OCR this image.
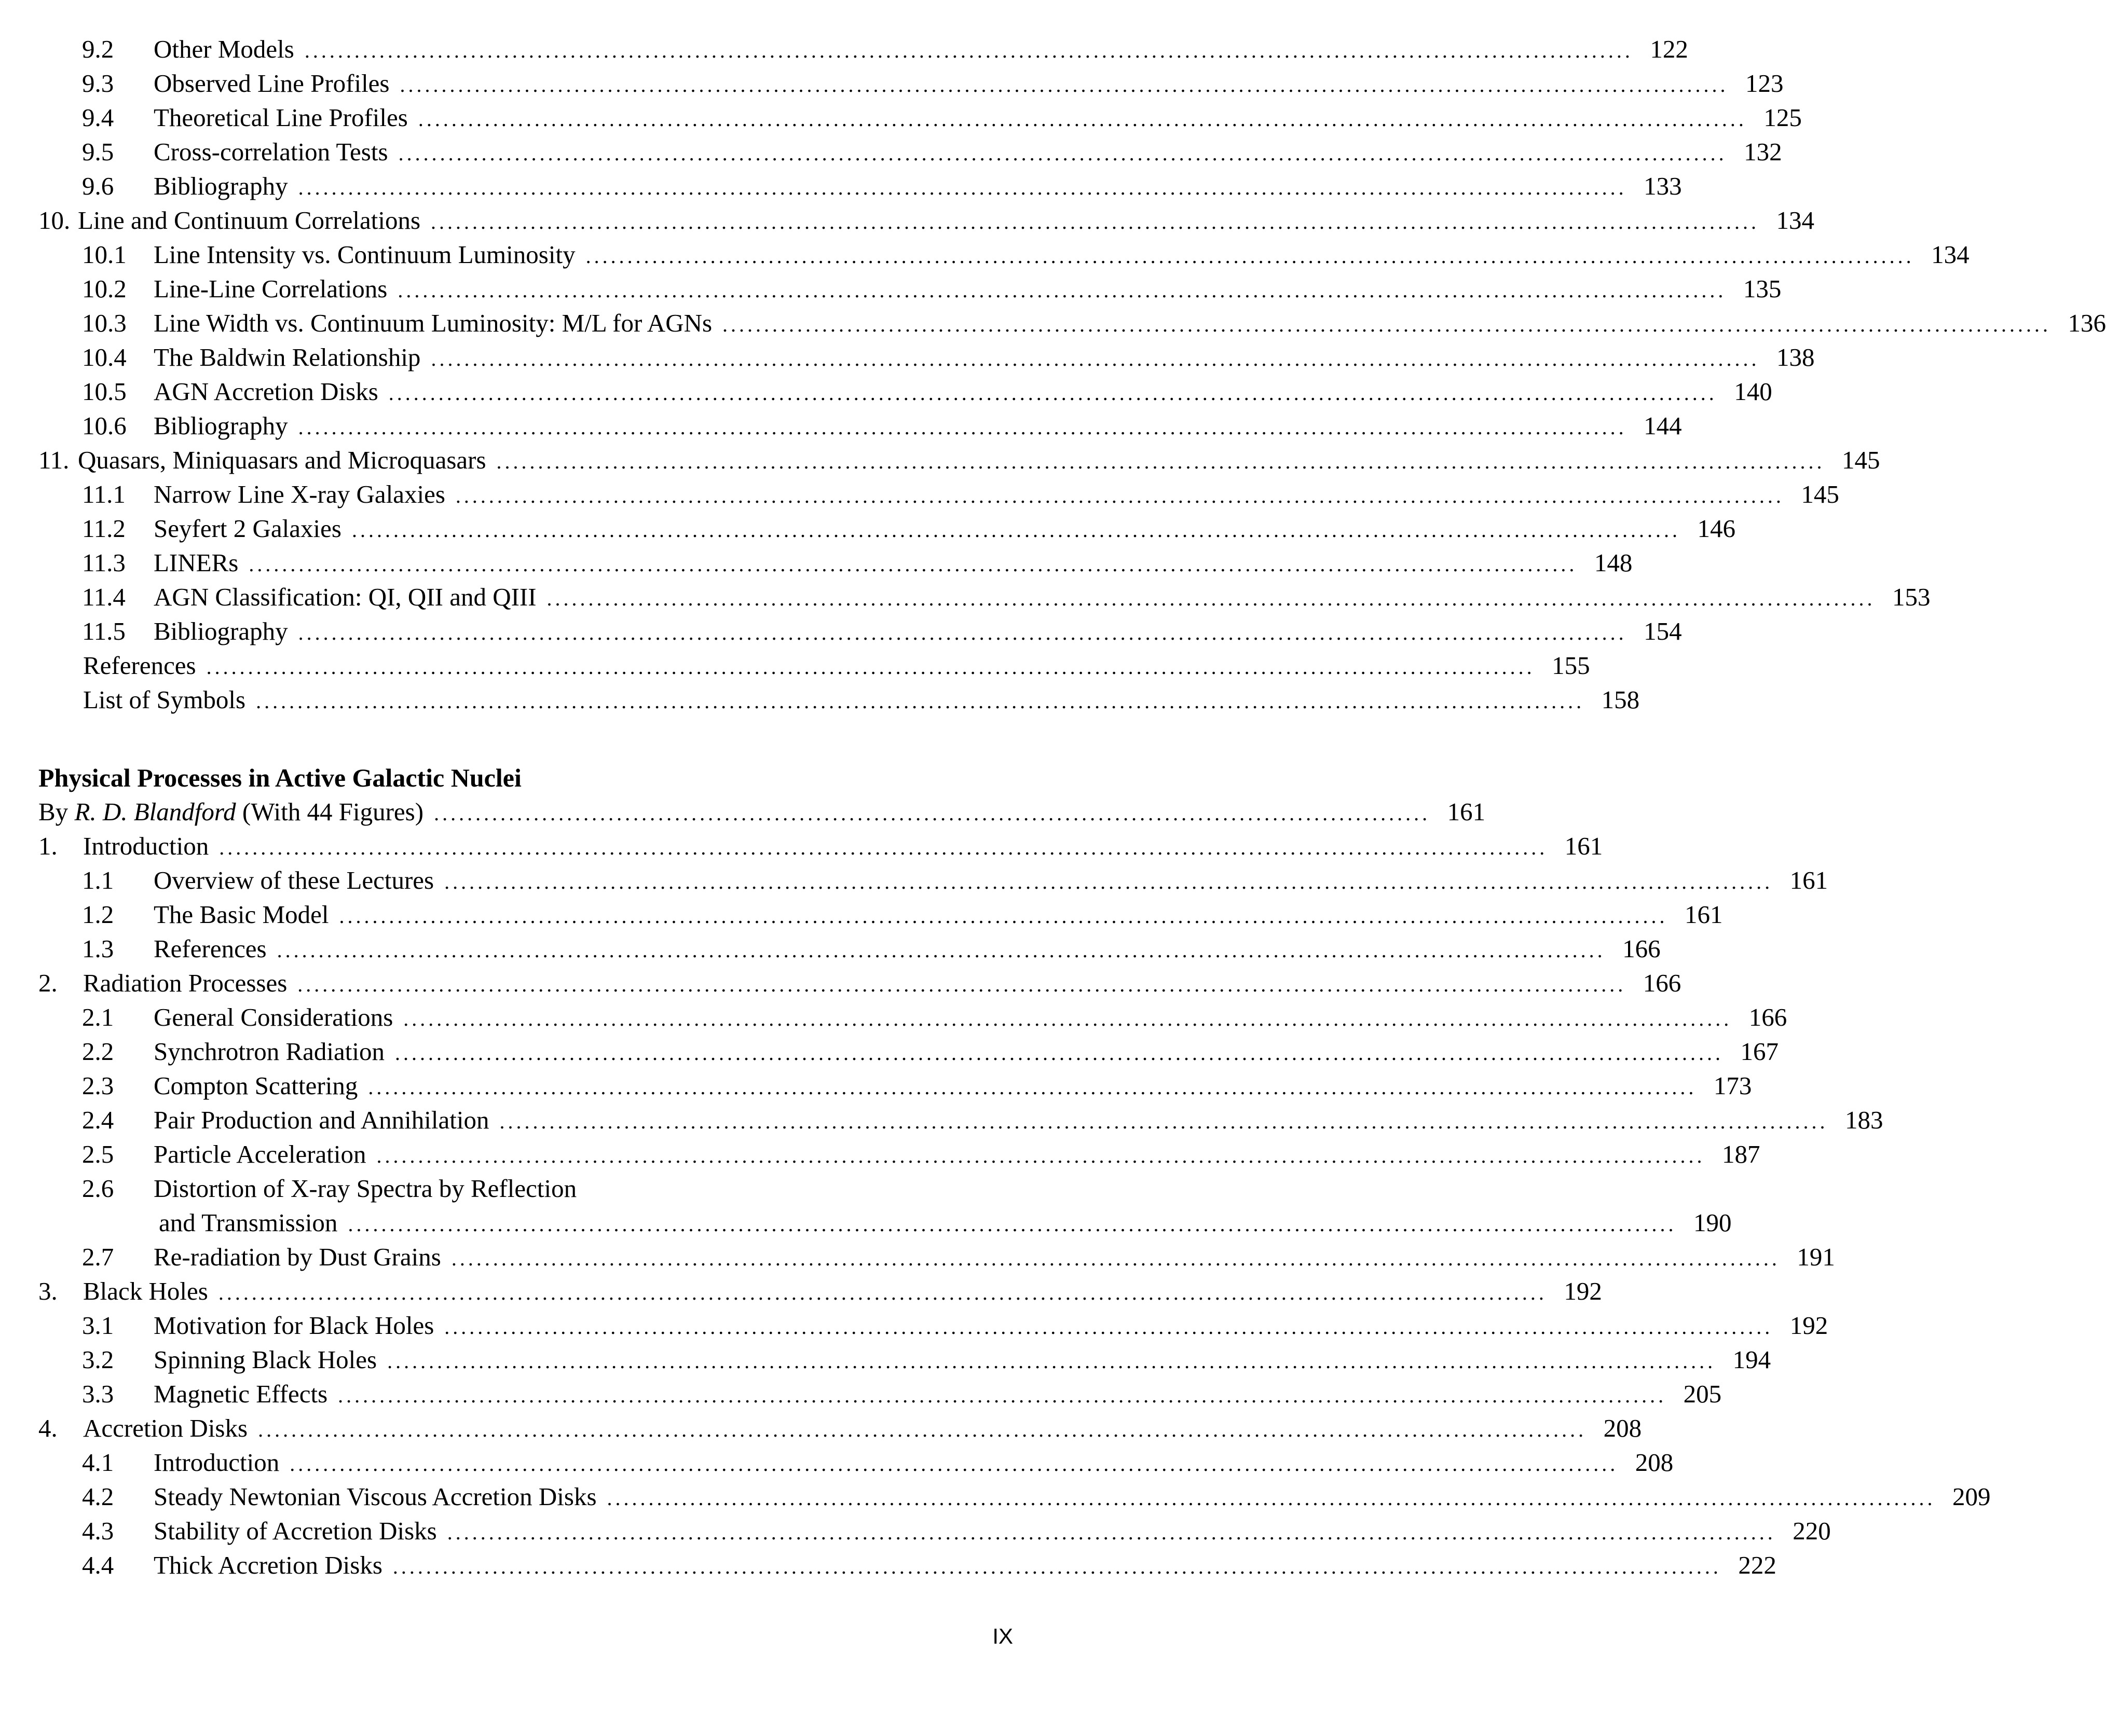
9.2 Other Models ................................................................................................................................................................ 122
9.3 Observed Line Profiles ................................................................................................................................................................ 123
9.4 Theoretical Line Profiles ................................................................................................................................................................ 125
9.5 Cross-correlation Tests ................................................................................................................................................................ 132
9.6 Bibliography ................................................................................................................................................................ 133
10. Line and Continuum Correlations ................................................................................................................................................................ 134
10.1 Line Intensity vs. Continuum Luminosity ................................................................................................................................................................ 134
10.2 Line-Line Correlations ................................................................................................................................................................ 135
10.3 Line Width vs. Continuum Luminosity: M/L for AGNs ................................................................................................................................................................ 136
10.4 The Baldwin Relationship ................................................................................................................................................................ 138
10.5 AGN Accretion Disks ................................................................................................................................................................ 140
10.6 Bibliography ................................................................................................................................................................ 144
11. Quasars, Miniquasars and Microquasars ................................................................................................................................................................ 145
11.1 Narrow Line X-ray Galaxies ................................................................................................................................................................ 145
11.2 Seyfert 2 Galaxies ................................................................................................................................................................ 146
11.3 LINERs ................................................................................................................................................................ 148
11.4 AGN Classification: QI, QII and QIII ................................................................................................................................................................ 153
11.5 Bibliography ................................................................................................................................................................ 154
References ................................................................................................................................................................ 155
List of Symbols ................................................................................................................................................................ 158
Physical Processes in Active Galactic Nuclei
By R. D. Blandford (With 44 Figures) ........................................................................................................................ 161
1. Introduction ................................................................................................................................................................ 161
1.1 Overview of these Lectures ................................................................................................................................................................ 161
1.2 The Basic Model ................................................................................................................................................................ 161
1.3 References ................................................................................................................................................................ 166
2. Radiation Processes ................................................................................................................................................................ 166
2.1 General Considerations ................................................................................................................................................................ 166
2.2 Synchrotron Radiation ................................................................................................................................................................ 167
2.3 Compton Scattering ................................................................................................................................................................ 173
2.4 Pair Production and Annihilation ................................................................................................................................................................ 183
2.5 Particle Acceleration ................................................................................................................................................................ 187
2.6 Distortion of X-ray Spectra by Reflection
and Transmission ................................................................................................................................................................ 190
2.7 Re-radiation by Dust Grains ................................................................................................................................................................ 191
3. Black Holes ................................................................................................................................................................ 192
3.1 Motivation for Black Holes ................................................................................................................................................................ 192
3.2 Spinning Black Holes ................................................................................................................................................................ 194
3.3 Magnetic Effects ................................................................................................................................................................ 205
4. Accretion Disks ................................................................................................................................................................ 208
4.1 Introduction ................................................................................................................................................................ 208
4.2 Steady Newtonian Viscous Accretion Disks ................................................................................................................................................................ 209
4.3 Stability of Accretion Disks ................................................................................................................................................................ 220
4.4 Thick Accretion Disks ................................................................................................................................................................ 222
IX
